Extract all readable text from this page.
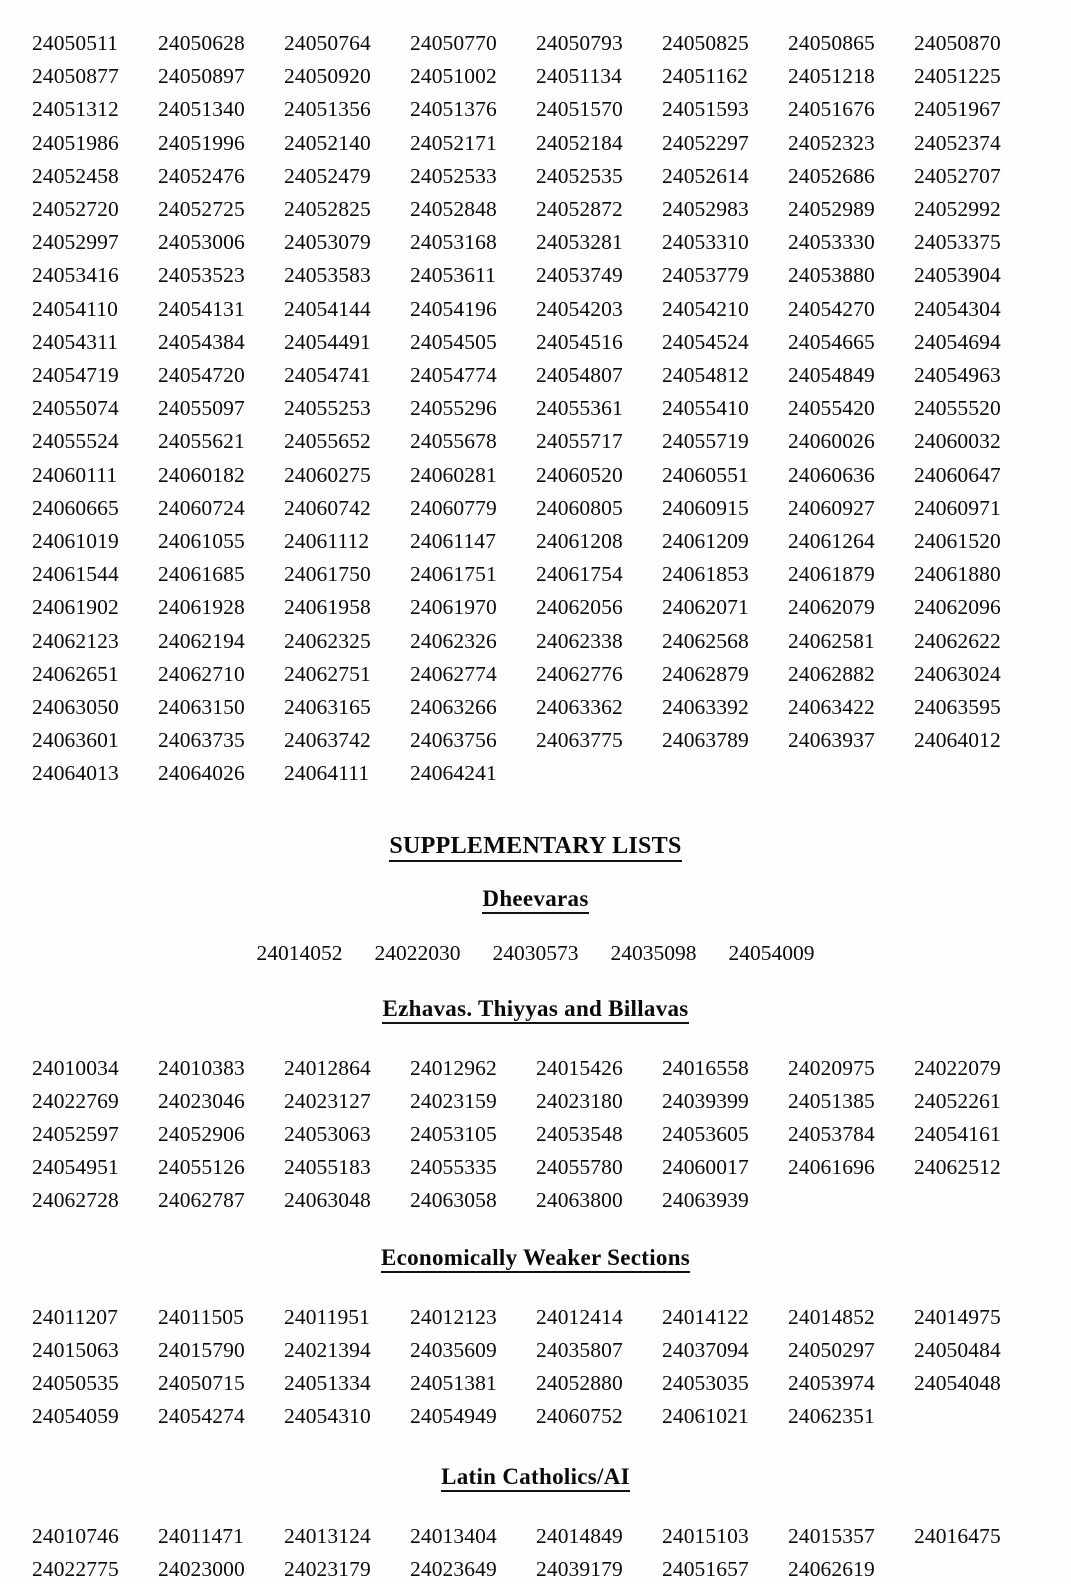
24050511	24050628	24050764	24050770	24050793	24050825	24050865	24050870
24050877	24050897	24050920	24051002	24051134	24051162	24051218	24051225
24051312	24051340	24051356	24051376	24051570	24051593	24051676	24051967
24051986	24051996	24052140	24052171	24052184	24052297	24052323	24052374
24052458	24052476	24052479	24052533	24052535	24052614	24052686	24052707
24052720	24052725	24052825	24052848	24052872	24052983	24052989	24052992
24052997	24053006	24053079	24053168	24053281	24053310	24053330	24053375
24053416	24053523	24053583	24053611	24053749	24053779	24053880	24053904
24054110	24054131	24054144	24054196	24054203	24054210	24054270	24054304
24054311	24054384	24054491	24054505	24054516	24054524	24054665	24054694
24054719	24054720	24054741	24054774	24054807	24054812	24054849	24054963
24055074	24055097	24055253	24055296	24055361	24055410	24055420	24055520
24055524	24055621	24055652	24055678	24055717	24055719	24060026	24060032
24060111	24060182	24060275	24060281	24060520	24060551	24060636	24060647
24060665	24060724	24060742	24060779	24060805	24060915	24060927	24060971
24061019	24061055	24061112	24061147	24061208	24061209	24061264	24061520
24061544	24061685	24061750	24061751	24061754	24061853	24061879	24061880
24061902	24061928	24061958	24061970	24062056	24062071	24062079	24062096
24062123	24062194	24062325	24062326	24062338	24062568	24062581	24062622
24062651	24062710	24062751	24062774	24062776	24062879	24062882	24063024
24063050	24063150	24063165	24063266	24063362	24063392	24063422	24063595
24063601	24063735	24063742	24063756	24063775	24063789	24063937	24064012
24064013	24064026	24064111	24064241
SUPPLEMENTARY LISTS
Dheevaras
24014052 24022030 24030573 24035098 24054009
Ezhavas. Thiyyas and Billavas
24010034	24010383	24012864	24012962	24015426	24016558	24020975	24022079
24022769	24023046	24023127	24023159	24023180	24039399	24051385	24052261
24052597	24052906	24053063	24053105	24053548	24053605	24053784	24054161
24054951	24055126	24055183	24055335	24055780	24060017	24061696	24062512
24062728	24062787	24063048	24063058	24063800	24063939
Economically Weaker Sections
24011207	24011505	24011951	24012123	24012414	24014122	24014852	24014975
24015063	24015790	24021394	24035609	24035807	24037094	24050297	24050484
24050535	24050715	24051334	24051381	24052880	24053035	24053974	24054048
24054059	24054274	24054310	24054949	24060752	24061021	24062351
Latin Catholics/AI
24010746	24011471	24013124	24013404	24014849	24015103	24015357	24016475
24022775	24023000	24023179	24023649	24039179	24051657	24062619
